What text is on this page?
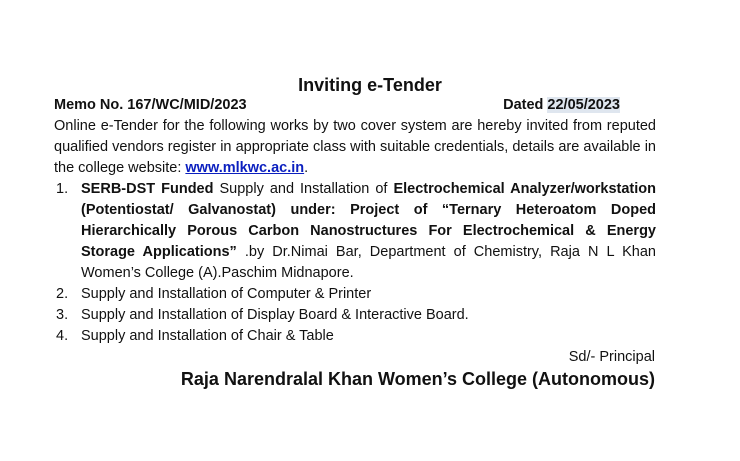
Inviting e-Tender
Memo No. 167/WC/MID/2023	Dated 22/05/2023

Online e-Tender for the following works by two cover system are hereby invited from reputed qualified vendors register in appropriate class with suitable credentials, details are available in the college website: www.mlkwc.ac.in.

1. SERB-DST Funded Supply and Installation of Electrochemical Analyzer/workstation (Potentiostat/ Galvanostat) under: Project of “Ternary Heteroatom Doped Hierarchically Porous Carbon Nanostructures For Electrochemical & Energy Storage Applications” .by Dr.Nimai Bar, Department of Chemistry, Raja N L Khan Women’s College (A).Paschim Midnapore.
2. Supply and Installation of Computer & Printer
3. Supply and Installation of Display Board & Interactive Board.
4. Supply and Installation of Chair & Table
Sd/- Principal
Raja Narendralal Khan Women’s College (Autonomous)
